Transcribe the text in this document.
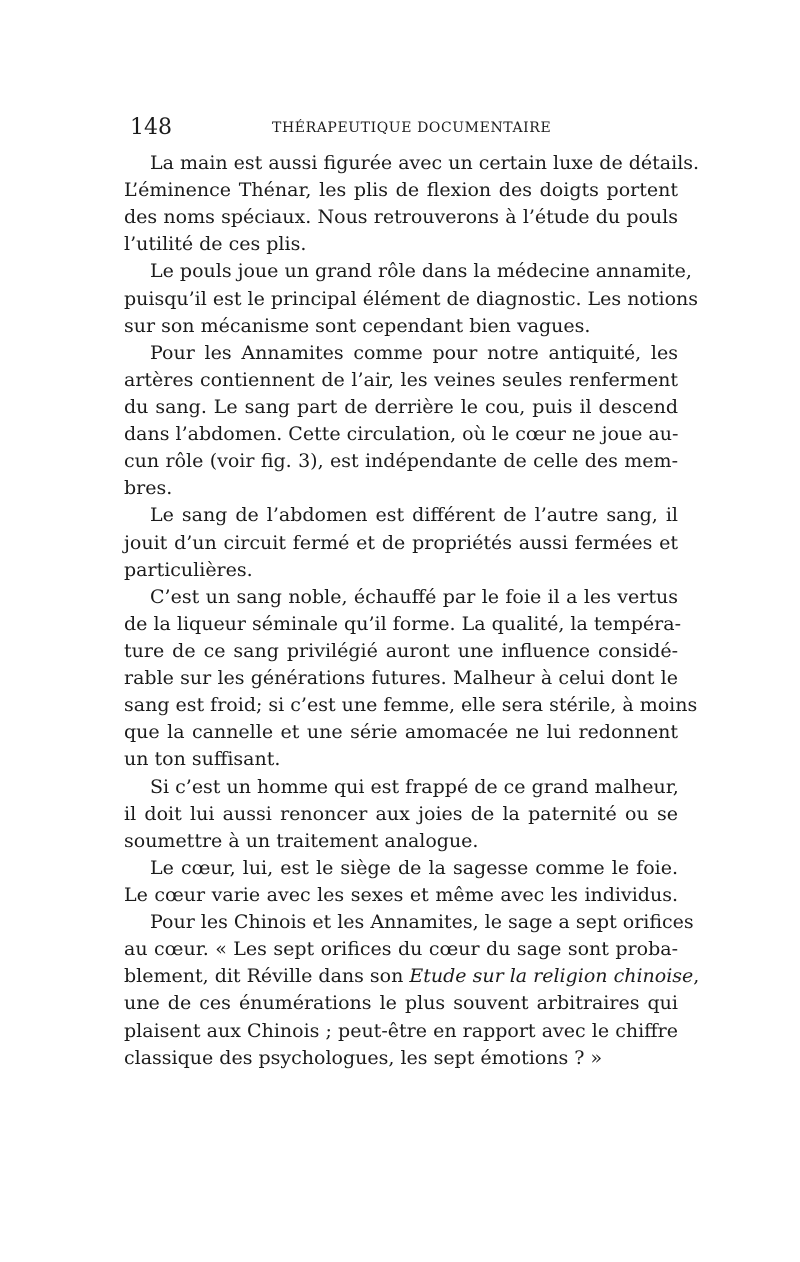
148	THÉRAPEUTIQUE DOCUMENTAIRE
La main est aussi figurée avec un certain luxe de détails.
L’éminence Thénar, les plis de flexion des doigts portent
des noms spéciaux. Nous retrouverons à l’étude du pouls
l’utilité de ces plis.
Le pouls joue un grand rôle dans la médecine annamite,
puisqu’il est le principal élément de diagnostic. Les notions
sur son mécanisme sont cependant bien vagues.
Pour les Annamites comme pour notre antiquité, les
artères contiennent de l’air, les veines seules renferment
du sang. Le sang part de derrière le cou, puis il descend
dans l’abdomen. Cette circulation, où le cœur ne joue au-
cun rôle (voir fig. 3), est indépendante de celle des mem-
bres.
Le sang de l’abdomen est différent de l’autre sang, il
jouit d’un circuit fermé et de propriétés aussi fermées et
particulières.
C’est un sang noble, échauffé par le foie il a les vertus
de la liqueur séminale qu’il forme. La qualité, la tempéra-
ture de ce sang privilégié auront une influence considé-
rable sur les générations futures. Malheur à celui dont le
sang est froid; si c’est une femme, elle sera stérile, à moins
que la cannelle et une série amomacée ne lui redonnent
un ton suffisant.
Si c’est un homme qui est frappé de ce grand malheur,
il doit lui aussi renoncer aux joies de la paternité ou se
soumettre à un traitement analogue.
Le cœur, lui, est le siège de la sagesse comme le foie.
Le cœur varie avec les sexes et même avec les individus.
Pour les Chinois et les Annamites, le sage a sept orifices
au cœur. « Les sept orifices du cœur du sage sont proba-
blement, dit Réville dans son Etude sur la religion chinoise,
une de ces énumérations le plus souvent arbitraires qui
plaisent aux Chinois ; peut-être en rapport avec le chiffre
classique des psychologues, les sept émotions ? »
